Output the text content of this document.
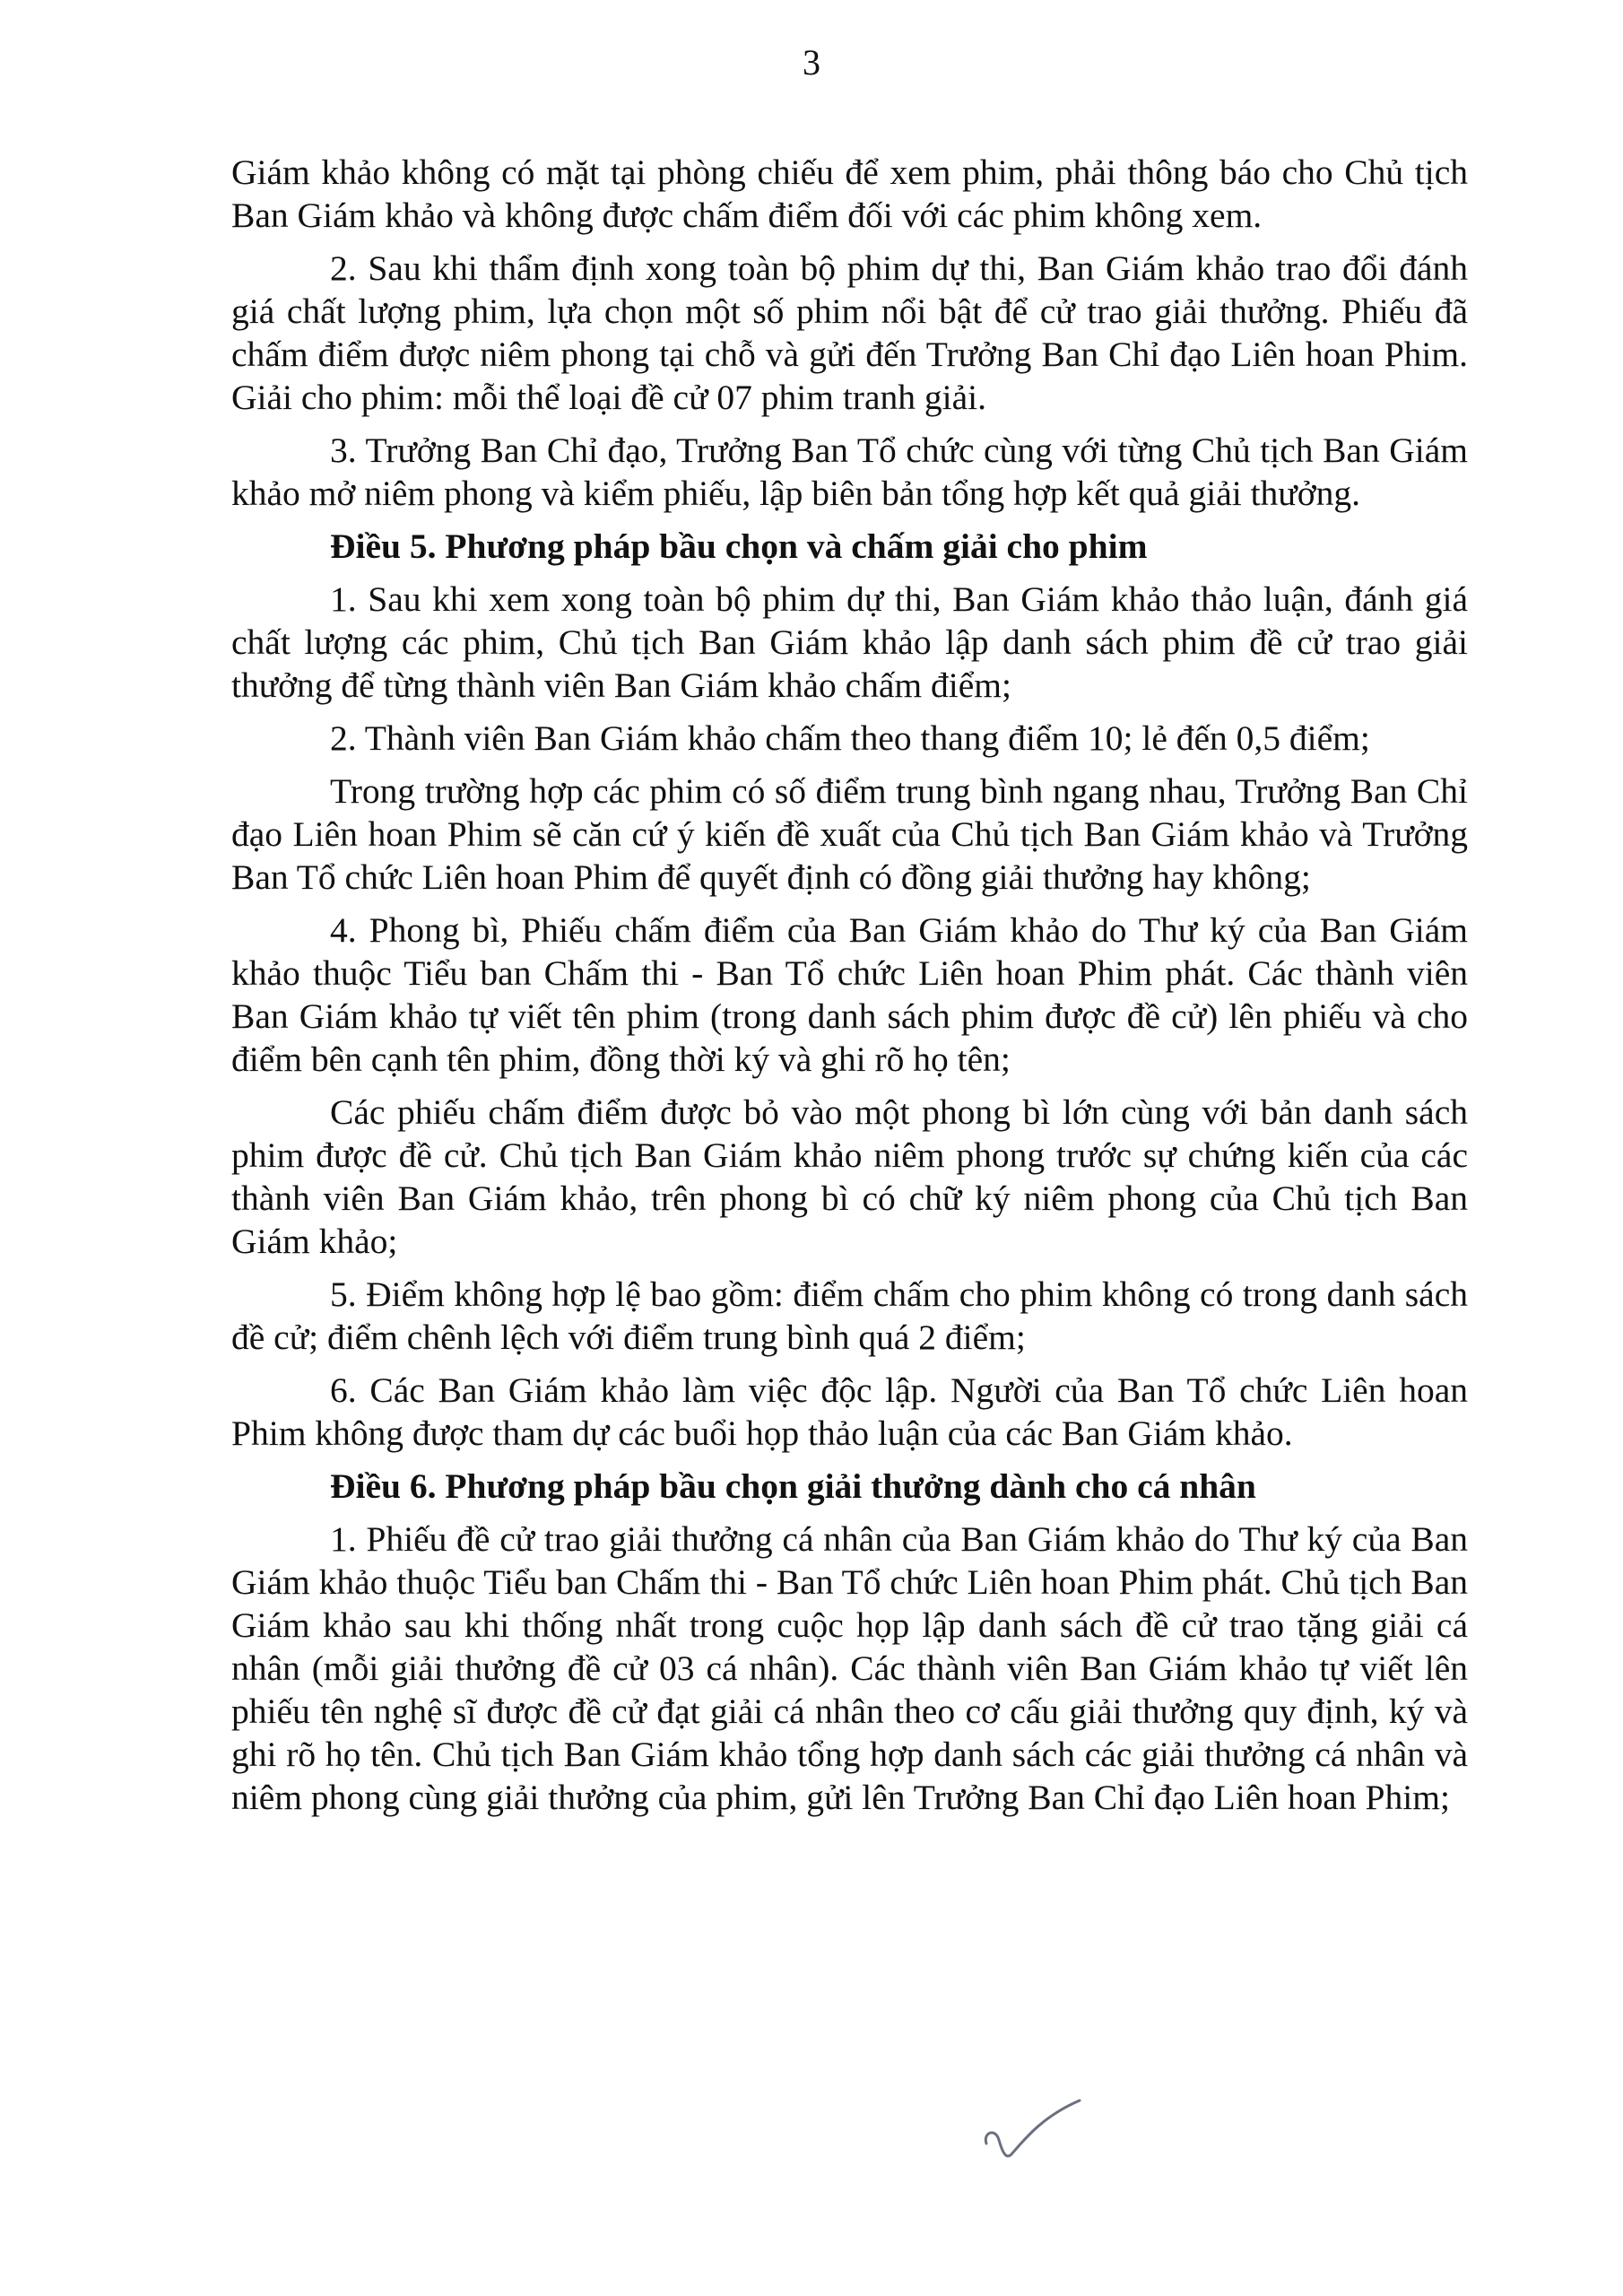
3

Giám khảo không có mặt tại phòng chiếu để xem phim, phải thông báo cho Chủ tịch Ban Giám khảo và không được chấm điểm đối với các phim không xem.

2. Sau khi thẩm định xong toàn bộ phim dự thi, Ban Giám khảo trao đổi đánh giá chất lượng phim, lựa chọn một số phim nổi bật để cử trao giải thưởng. Phiếu đã chấm điểm được niêm phong tại chỗ và gửi đến Trưởng Ban Chỉ đạo Liên hoan Phim. Giải cho phim: mỗi thể loại đề cử 07 phim tranh giải.

3. Trưởng Ban Chỉ đạo, Trưởng Ban Tổ chức cùng với từng Chủ tịch Ban Giám khảo mở niêm phong và kiểm phiếu, lập biên bản tổng hợp kết quả giải thưởng.

Điều 5. Phương pháp bầu chọn và chấm giải cho phim

1. Sau khi xem xong toàn bộ phim dự thi, Ban Giám khảo thảo luận, đánh giá chất lượng các phim, Chủ tịch Ban Giám khảo lập danh sách phim đề cử trao giải thưởng để từng thành viên Ban Giám khảo chấm điểm;

2. Thành viên Ban Giám khảo chấm theo thang điểm 10; lẻ đến 0,5 điểm;

Trong trường hợp các phim có số điểm trung bình ngang nhau, Trưởng Ban Chỉ đạo Liên hoan Phim sẽ căn cứ ý kiến đề xuất của Chủ tịch Ban Giám khảo và Trưởng Ban Tổ chức Liên hoan Phim để quyết định có đồng giải thưởng hay không;

4. Phong bì, Phiếu chấm điểm của Ban Giám khảo do Thư ký của Ban Giám khảo thuộc Tiểu ban Chấm thi - Ban Tổ chức Liên hoan Phim phát. Các thành viên Ban Giám khảo tự viết tên phim (trong danh sách phim được đề cử) lên phiếu và cho điểm bên cạnh tên phim, đồng thời ký và ghi rõ họ tên;

Các phiếu chấm điểm được bỏ vào một phong bì lớn cùng với bản danh sách phim được đề cử. Chủ tịch Ban Giám khảo niêm phong trước sự chứng kiến của các thành viên Ban Giám khảo, trên phong bì có chữ ký niêm phong của Chủ tịch Ban Giám khảo;

5. Điểm không hợp lệ bao gồm: điểm chấm cho phim không có trong danh sách đề cử; điểm chênh lệch với điểm trung bình quá 2 điểm;

6. Các Ban Giám khảo làm việc độc lập. Người của Ban Tổ chức Liên hoan Phim không được tham dự các buổi họp thảo luận của các Ban Giám khảo.

Điều 6. Phương pháp bầu chọn giải thưởng dành cho cá nhân

1. Phiếu đề cử trao giải thưởng cá nhân của Ban Giám khảo do Thư ký của Ban Giám khảo thuộc Tiểu ban Chấm thi - Ban Tổ chức Liên hoan Phim phát. Chủ tịch Ban Giám khảo sau khi thống nhất trong cuộc họp lập danh sách đề cử trao tặng giải cá nhân (mỗi giải thưởng đề cử 03 cá nhân). Các thành viên Ban Giám khảo tự viết lên phiếu tên nghệ sĩ được đề cử đạt giải cá nhân theo cơ cấu giải thưởng quy định, ký và ghi rõ họ tên. Chủ tịch Ban Giám khảo tổng hợp danh sách các giải thưởng cá nhân và niêm phong cùng giải thưởng của phim, gửi lên Trưởng Ban Chỉ đạo Liên hoan Phim;
